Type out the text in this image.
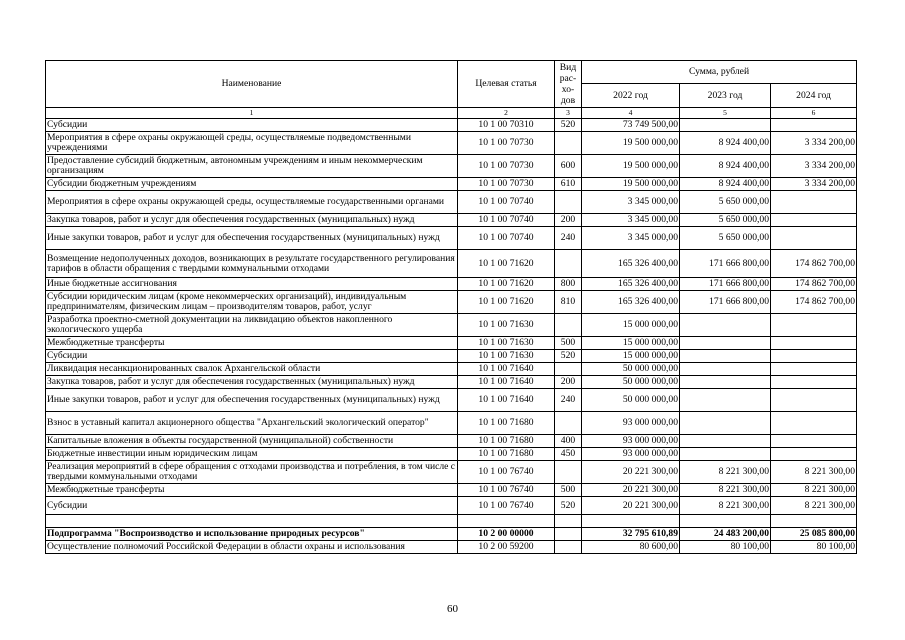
Наименование	Целевая статья	Вид рас-хо-дов	Сумма, рублей		
			2022 год	2023 год	2024 год
1	2	3	4	5	6
Субсидии	10 1 00 70310	520	73 749 500,00		
Мероприятия в сфере охраны окружающей среды, осуществляемые подведомственными учреждениями	10 1 00 70730		19 500 000,00	8 924 400,00	3 334 200,00
Предоставление субсидий бюджетным, автономным учреждениям и иным некоммерческим организациям	10 1 00 70730	600	19 500 000,00	8 924 400,00	3 334 200,00
Субсидии бюджетным учреждениям	10 1 00 70730	610	19 500 000,00	8 924 400,00	3 334 200,00
Мероприятия в сфере охраны окружающей среды, осуществляемые государственными органами	10 1 00 70740		3 345 000,00	5 650 000,00	
Закупка товаров, работ и услуг для обеспечения государственных (муниципальных) нужд	10 1 00 70740	200	3 345 000,00	5 650 000,00	
Иные закупки товаров, работ и услуг для обеспечения государственных (муниципальных) нужд	10 1 00 70740	240	3 345 000,00	5 650 000,00	
Возмещение недополученных доходов, возникающих в результате государственного регулирования тарифов в области обращения с твердыми коммунальными отходами	10 1 00 71620		165 326 400,00	171 666 800,00	174 862 700,00
Иные бюджетные ассигнования	10 1 00 71620	800	165 326 400,00	171 666 800,00	174 862 700,00
Субсидии юридическим лицам (кроме некоммерческих организаций), индивидуальным предпринимателям, физическим лицам – производителям товаров, работ, услуг	10 1 00 71620	810	165 326 400,00	171 666 800,00	174 862 700,00
Разработка проектно-сметной документации на ликвидацию объектов накопленного экологического ущерба	10 1 00 71630		15 000 000,00		
Межбюджетные трансферты	10 1 00 71630	500	15 000 000,00		
Субсидии	10 1 00 71630	520	15 000 000,00		
Ликвидация несанкционированных свалок Архангельской области	10 1 00 71640		50 000 000,00		
Закупка товаров, работ и услуг для обеспечения государственных (муниципальных) нужд	10 1 00 71640	200	50 000 000,00		
Иные закупки товаров, работ и услуг для обеспечения государственных (муниципальных) нужд	10 1 00 71640	240	50 000 000,00		
Взнос в уставный капитал акционерного общества "Архангельский экологический оператор"	10 1 00 71680		93 000 000,00		
Капитальные вложения в объекты государственной (муниципальной) собственности	10 1 00 71680	400	93 000 000,00		
Бюджетные инвестиции иным юридическим лицам	10 1 00 71680	450	93 000 000,00		
Реализация мероприятий в сфере обращения с отходами производства и потребления, в том числе с твердыми коммунальными отходами	10 1 00 76740		20 221 300,00	8 221 300,00	8 221 300,00
Межбюджетные трансферты	10 1 00 76740	500	20 221 300,00	8 221 300,00	8 221 300,00
Субсидии	10 1 00 76740	520	20 221 300,00	8 221 300,00	8 221 300,00

Подпрограмма "Воспроизводство и использование природных ресурсов"	10 2 00 00000		32 795 610,89	24 483 200,00	25 085 800,00
Осуществление полномочий Российской Федерации в области охраны и использования	10 2 00 59200		80 600,00	80 100,00	80 100,00
60
